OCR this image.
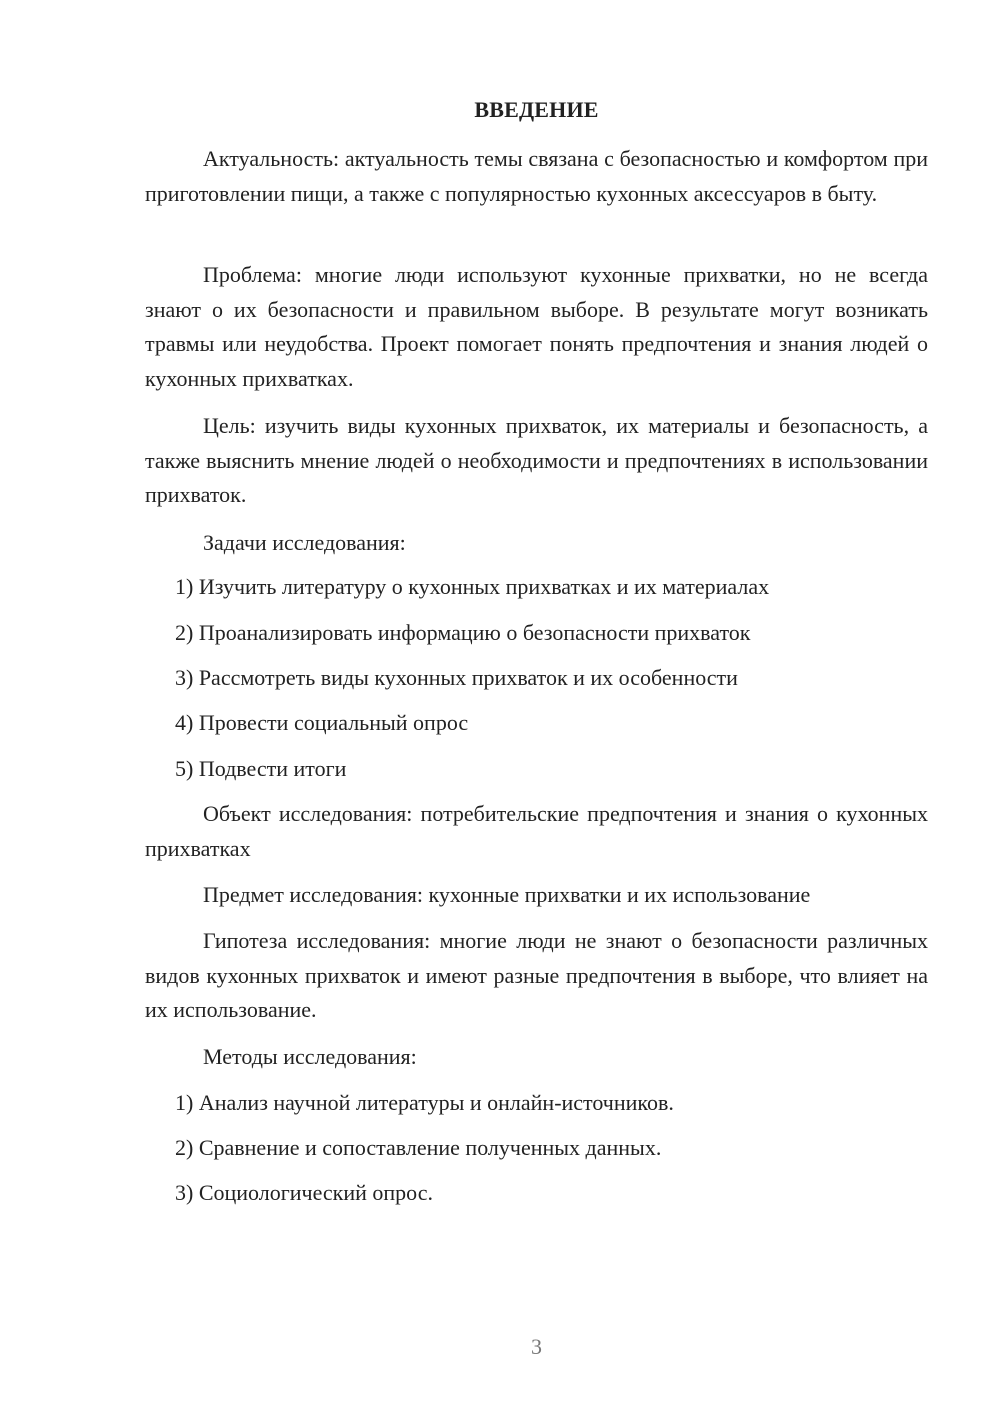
ВВЕДЕНИЕ

Актуальность: актуальность темы связана с безопасностью и комфортом при приготовлении пищи, а также с популярностью кухонных аксессуаров в быту.

Проблема: многие люди используют кухонные прихватки, но не всегда знают о их безопасности и правильном выборе. В результате могут возникать травмы или неудобства. Проект помогает понять предпочтения и знания людей о кухонных прихватках.

Цель: изучить виды кухонных прихваток, их материалы и безопасность, а также выяснить мнение людей о необходимости и предпочтениях в использовании прихваток.

Задачи исследования:

1) Изучить литературу о кухонных прихватках и их материалах

2) Проанализировать информацию о безопасности прихваток

3) Рассмотреть виды кухонных прихваток и их особенности

4) Провести социальный опрос

5) Подвести итоги

Объект исследования: потребительские предпочтения и знания о кухонных прихватках

Предмет исследования: кухонные прихватки и их использование

Гипотеза исследования: многие люди не знают о безопасности различных видов кухонных прихваток и имеют разные предпочтения в выборе, что влияет на их использование.

Методы исследования:

1) Анализ научной литературы и онлайн-источников.

2) Сравнение и сопоставление полученных данных.

3) Социологический опрос.

3
